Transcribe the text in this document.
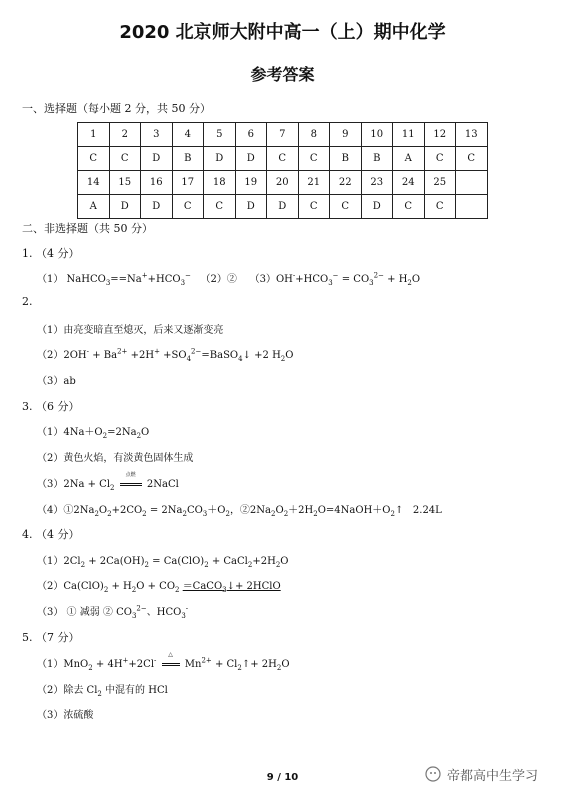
2020 北京师大附中高一（上）期中化学
参考答案
一、选择题（每小题 2 分，共 50 分）
1	2	3	4	5	6	7	8	9	10	11	12	13
C	C	D	B	D	D	C	C	B	B	A	C	C
14	15	16	17	18	19	20	21	22	23	24	25	
A	D	D	C	C	D	D	C	C	D	C	C	
二、非选择题（共 50 分）
1. （4 分）
（1） $NaHCO_3==Na^++HCO_3^-$ （2）② $(3)OH^-+HCO_3^- = CO_3^{2-} + H_2O$
2.
（1）由亮变暗直至熄灭，后来又逐渐变亮
$(2)2OH^- + Ba^{2+} +2H^+$ $+SO_4^{2-}=BaSO_4↓ +2$ $H_2O$
（3）ab
3. （6 分）
$(1)4Na+O_2=2Na_2O$
（2）黄色火焰，有淡黄色固体生成
$(3)2Na + Cl_2$
点燃
2NaCl
$(4)①2Na_2O_2+2CO_2 = 2Na_2CO_3+O_2$，$②2Na_2O_2+2H_2O=4NaOH+O_2↑$ 2.24L
4. （4 分）
$(1)2Cl_2 + 2Ca(OH)_2 = Ca(ClO)_2$ + $CaCl_2+2H_2O$
$(2)Ca(ClO)_2 + H_2O + CO_2$ ＝CaCO$_3$↓+ 2HClO
（3） ① 减弱 ② $CO_3^{2-}$、$HCO_3^-$
5. （7 分）
（1）MnO$_2$ + 4H++2Cl-
△
$Mn^{2+}$ + $Cl_2↑+ 2H_2O$
（2）除去 $Cl_2$ 中混有的 HCl
（3）浓硫酸
9 / 10	帝都高中生学习
